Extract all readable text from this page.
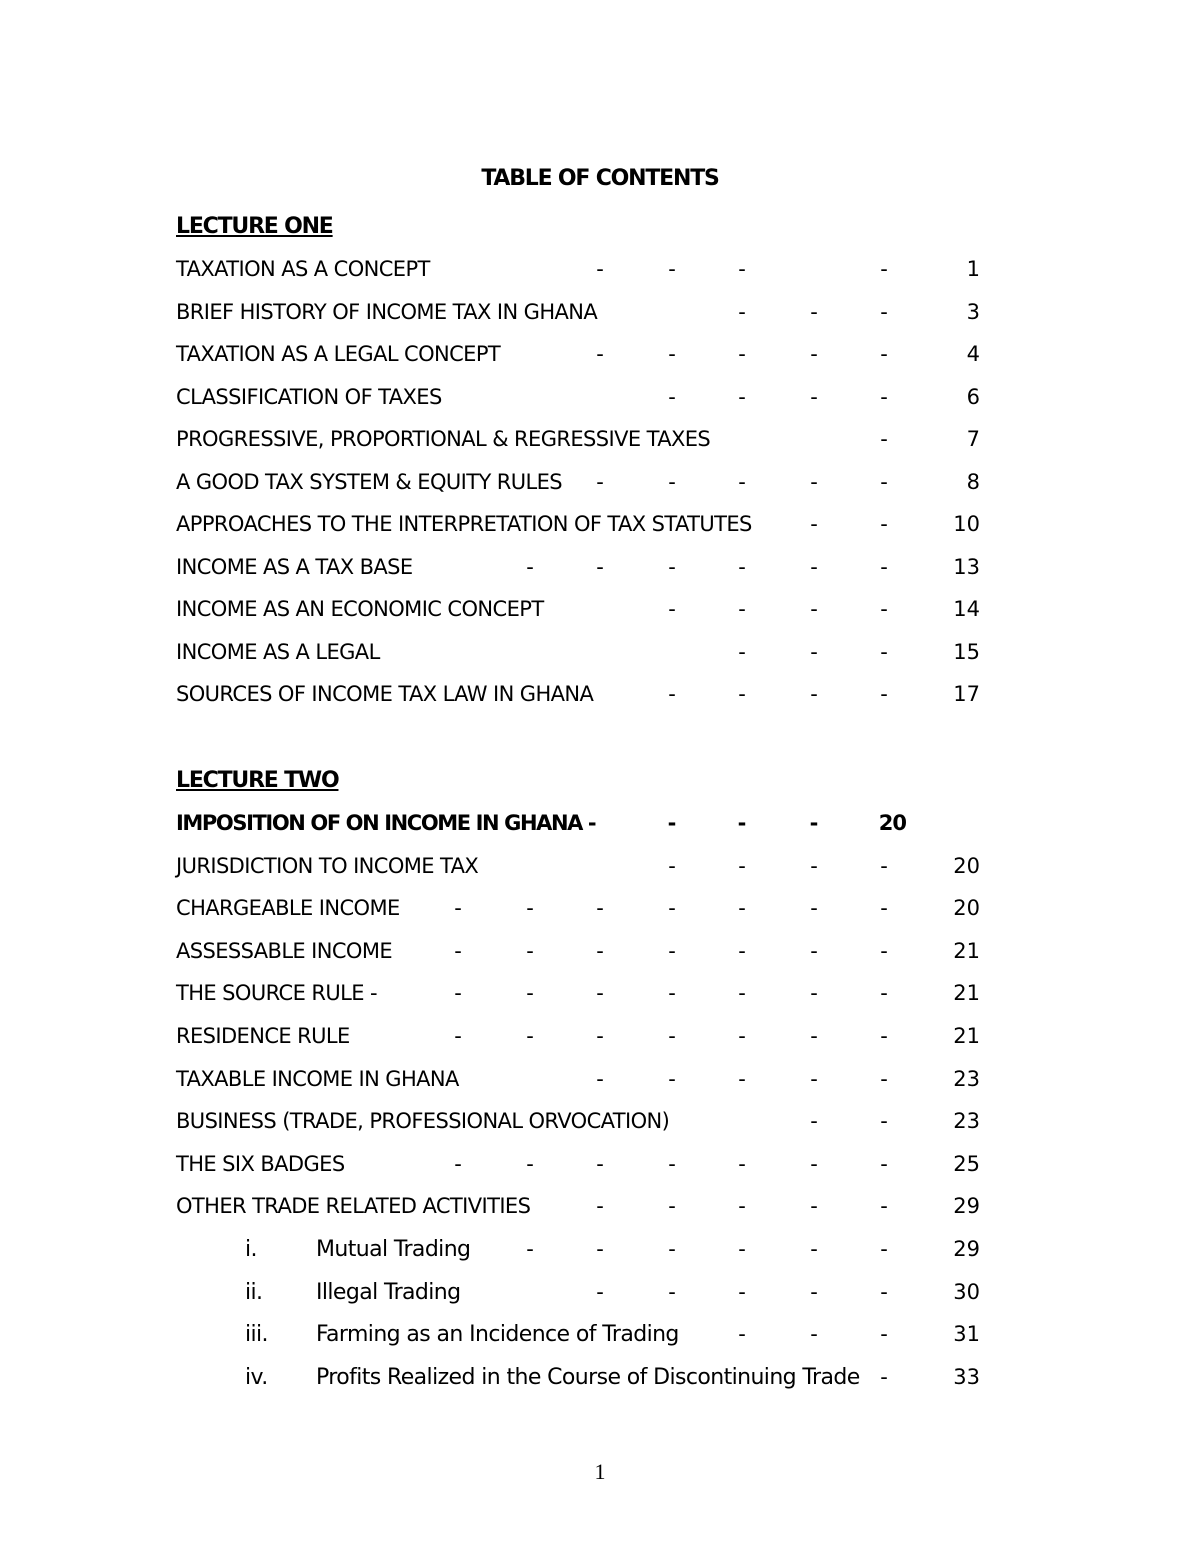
TABLE OF CONTENTS
LECTURE ONE
TAXATION AS A CONCEPT	-	-	-	-	1
BRIEF HISTORY OF INCOME TAX IN GHANA	-	-	-	3
TAXATION AS A LEGAL CONCEPT	-	-	-	-	-	4
CLASSIFICATION OF TAXES	-	-	-	-	6
PROGRESSIVE, PROPORTIONAL & REGRESSIVE TAXES	-	7
A GOOD TAX SYSTEM & EQUITY RULES -	-	-	-	-	8
APPROACHES TO THE INTERPRETATION OF TAX STATUTES	-	-	10
INCOME AS A TAX BASE	-	-	-	-	-	-	13
INCOME AS AN ECONOMIC CONCEPT	-	-	-	-	14
INCOME AS A LEGAL	-	-	-	15
SOURCES OF INCOME TAX LAW IN GHANA	-	-	-	-	17
LECTURE TWO
IMPOSITION OF ON INCOME IN GHANA -	-	-	-	20
JURISDICTION TO INCOME TAX	-	-	-	-	20
CHARGEABLE INCOME	-	-	-	-	-	-	-	20
ASSESSABLE INCOME	-	-	-	-	-	-	-	21
THE SOURCE RULE -	-	-	-	-	-	-	-	21
RESIDENCE RULE	-	-	-	-	-	-	-	21
TAXABLE INCOME IN GHANA	-	-	-	-	-	23
BUSINESS (TRADE, PROFESSIONAL ORVOCATION)	-	-	23
THE SIX BADGES	-	-	-	-	-	-	-	25
OTHER TRADE RELATED ACTIVITIES	-	-	-	-	-	29
i.	Mutual Trading	-	-	-	-	-	-	29
ii. Illegal Trading	-	-	-	-	-	30
iii. Farming as an Incidence of Trading	-	-	-	31
iv. Profits Realized in the Course of Discontinuing Trade -	33
1
